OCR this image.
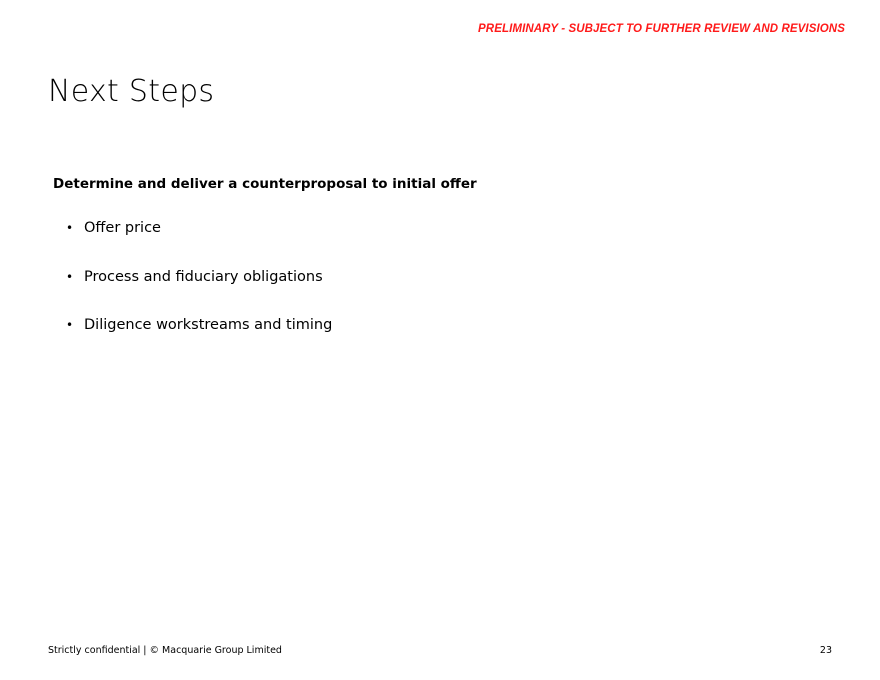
PRELIMINARY - SUBJECT TO FURTHER REVIEW AND REVISIONS
Next Steps
Determine and deliver a counterproposal to initial offer
• Offer price
• Process and fiduciary obligations
• Diligence workstreams and timing
Strictly confidential | © Macquarie Group Limited	23
